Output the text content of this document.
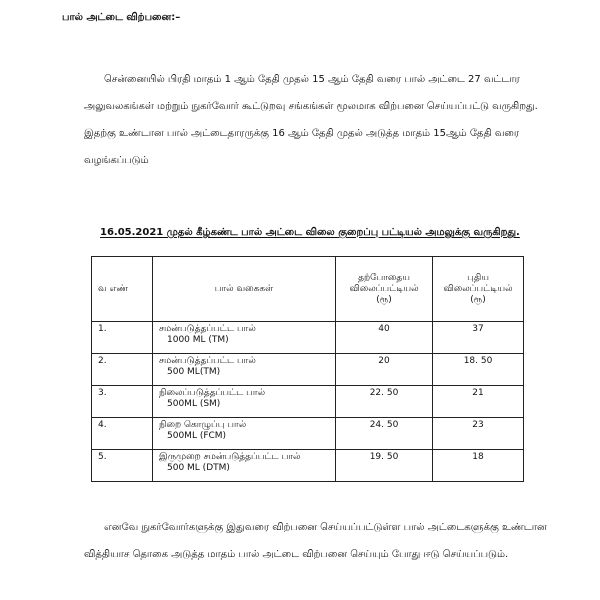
பால் அட்டை விற்பனை:–
சென்னையில் பிரதி மாதம் 1 ஆம் தேதி முதல் 15 ஆம் தேதி வரை பால் அட்டை 27 வட்டார அலுவலகங்கள் மற்றும் நுகர்வோர் கூட்டுறவு சங்கங்கள் மூலமாக விற்பனை செய்யப்பட்டு வருகிறது. இதற்கு உண்டான பால் அட்டைதாரருக்கு 16 ஆம் தேதி முதல் அடுத்த மாதம் 15ஆம் தேதி வரை வழங்கப்படும்
16.05.2021 முதல் கீழ்கண்ட பால் அட்டை விலை குறைப்பு பட்டியல் அமலுக்கு வருகிறது.
வ எண்	பால் வகைகள்	தற்போதைய விலைப்பட்டியல் (ரூ)	புதிய விலைப்பட்டியல் (ரூ)
1.	சமன்படுத்தப்பட்ட பால்
1000 ML (TM)	40	37
2.	சமன்படுத்தப்பட்ட பால்
500 ML(TM)	20	18. 50
3.	நிலைப்படுத்தப்பட்ட பால்
500ML (SM)	22. 50	21
4.	நிறை கொழுப்பு பால்
500ML (FCM)	24. 50	23
5.	இருமுறை சமன்படுத்தப்பட்ட பால்
500 ML (DTM)	19. 50	18
எனவே நுகர்வோர்களுக்கு இதுவரை விற்பனை செய்யப்பட்டுள்ள பால் அட்டைகளுக்கு உண்டான வித்தியாச தொகை அடுத்த மாதம் பால் அட்டை விற்பனை செய்யும் போது ஈடு செய்யப்படும்.
